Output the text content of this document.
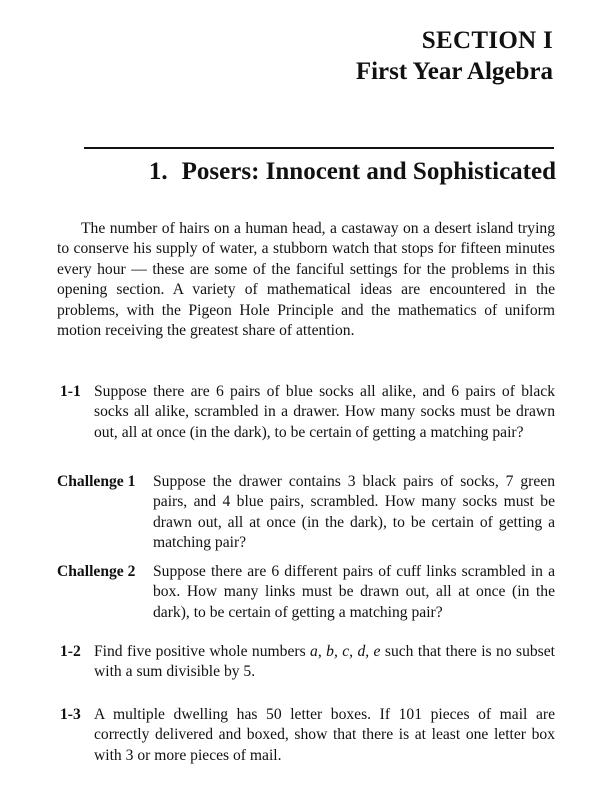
SECTION I
First Year Algebra
1. Posers: Innocent and Sophisticated

The number of hairs on a human head, a castaway on a desert island trying to conserve his supply of water, a stubborn watch that stops for fifteen minutes every hour — these are some of the fanciful settings for the problems in this opening section. A variety of mathematical ideas are encountered in the problems, with the Pigeon Hole Principle and the mathematics of uniform motion receiving the greatest share of attention.

1-1 Suppose there are 6 pairs of blue socks all alike, and 6 pairs of black socks all alike, scrambled in a drawer. How many socks must be drawn out, all at once (in the dark), to be certain of getting a matching pair?
Challenge 1	Suppose the drawer contains 3 black pairs of socks, 7 green pairs, and 4 blue pairs, scrambled. How many socks must be drawn out, all at once (in the dark), to be certain of getting a matching pair?
Challenge 2	Suppose there are 6 different pairs of cuff links scrambled in a box. How many links must be drawn out, all at once (in the dark), to be certain of getting a matching pair?
1-2 Find five positive whole numbers a, b, c, d, e such that there is no subset with a sum divisible by 5.
1-3 A multiple dwelling has 50 letter boxes. If 101 pieces of mail are correctly delivered and boxed, show that there is at least one letter box with 3 or more pieces of mail.
